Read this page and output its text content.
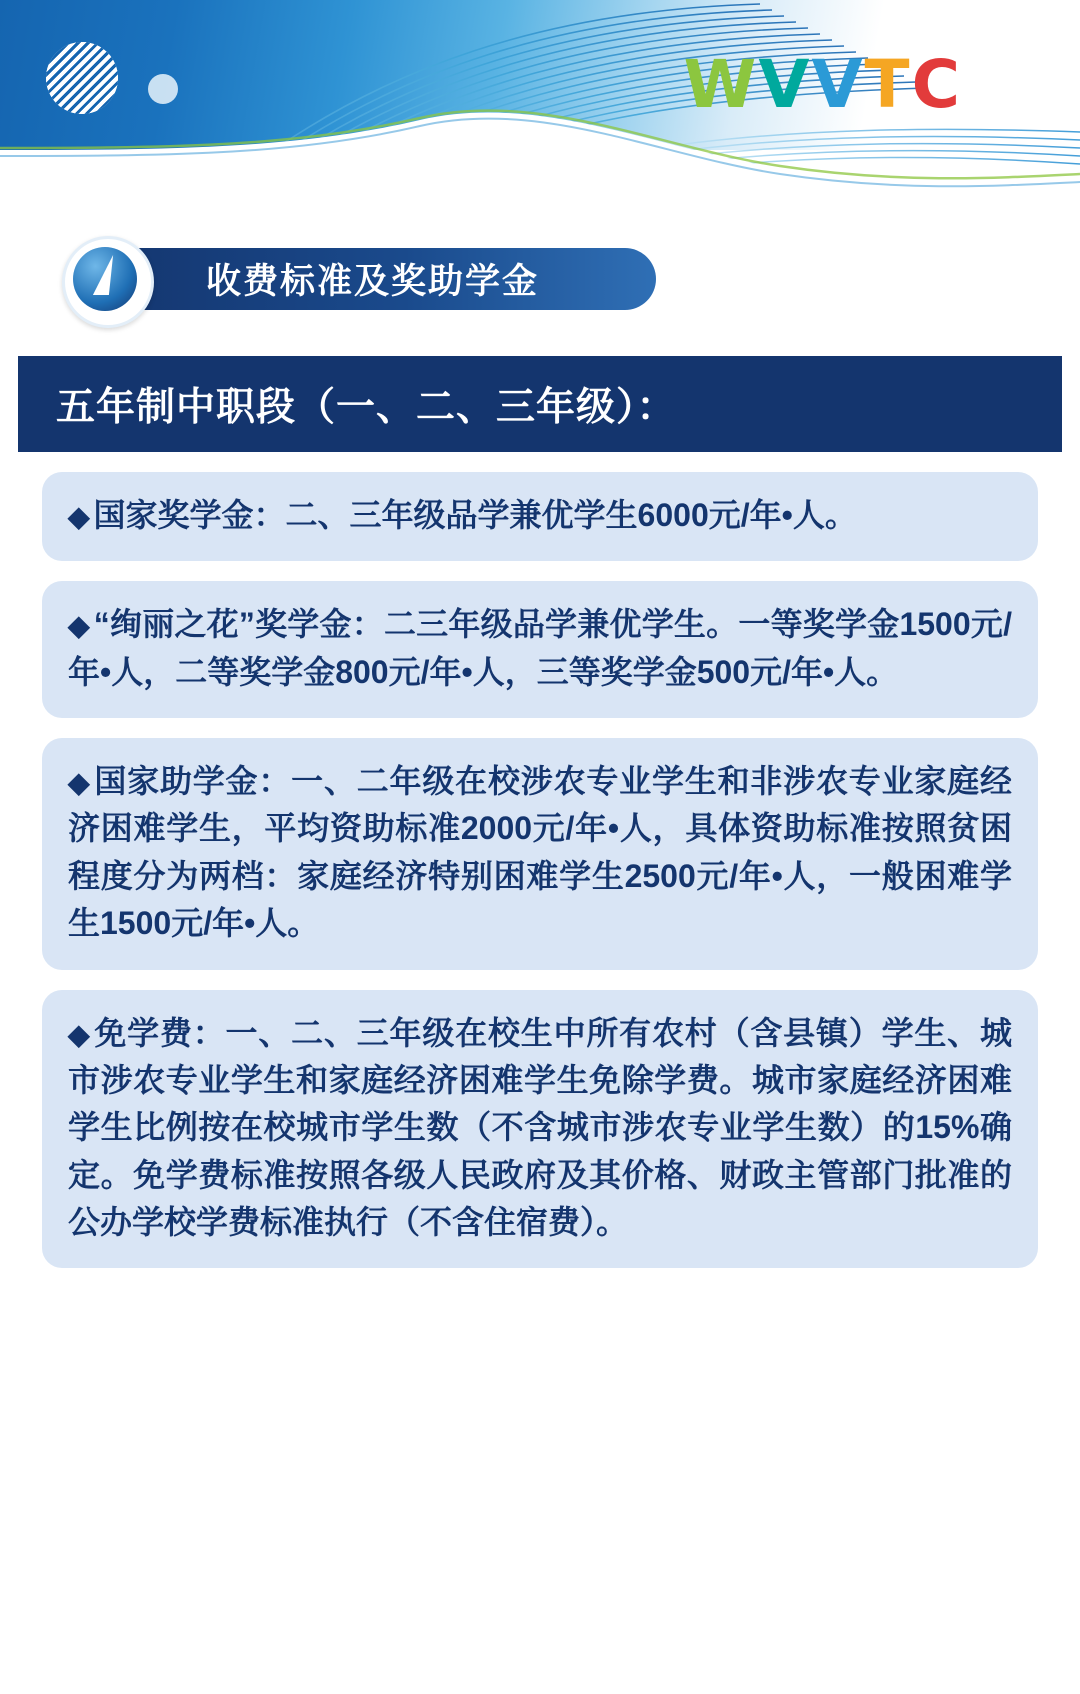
WVVTC
收费标准及奖助学金
五年制中职段（一、二、三年级）：

◆ 国家奖学金：二、三年级品学兼优学生6000元/年•人。

◆ “绚丽之花”奖学金：二三年级品学兼优学生。一等奖学金1500元/年•人，二等奖学金800元/年•人，三等奖学金500元/年•人。

◆ 国家助学金：一、二年级在校涉农专业学生和非涉农专业家庭经济困难学生，平均资助标准2000元/年•人，具体资助标准按照贫困程度分为两档：家庭经济特别困难学生2500元/年•人，一般困难学生1500元/年•人。

◆ 免学费：一、二、三年级在校生中所有农村（含县镇）学生、城市涉农专业学生和家庭经济困难学生免除学费。城市家庭经济困难学生比例按在校城市学生数（不含城市涉农专业学生数）的15%确定。免学费标准按照各级人民政府及其价格、财政主管部门批准的公办学校学费标准执行（不含住宿费）。
